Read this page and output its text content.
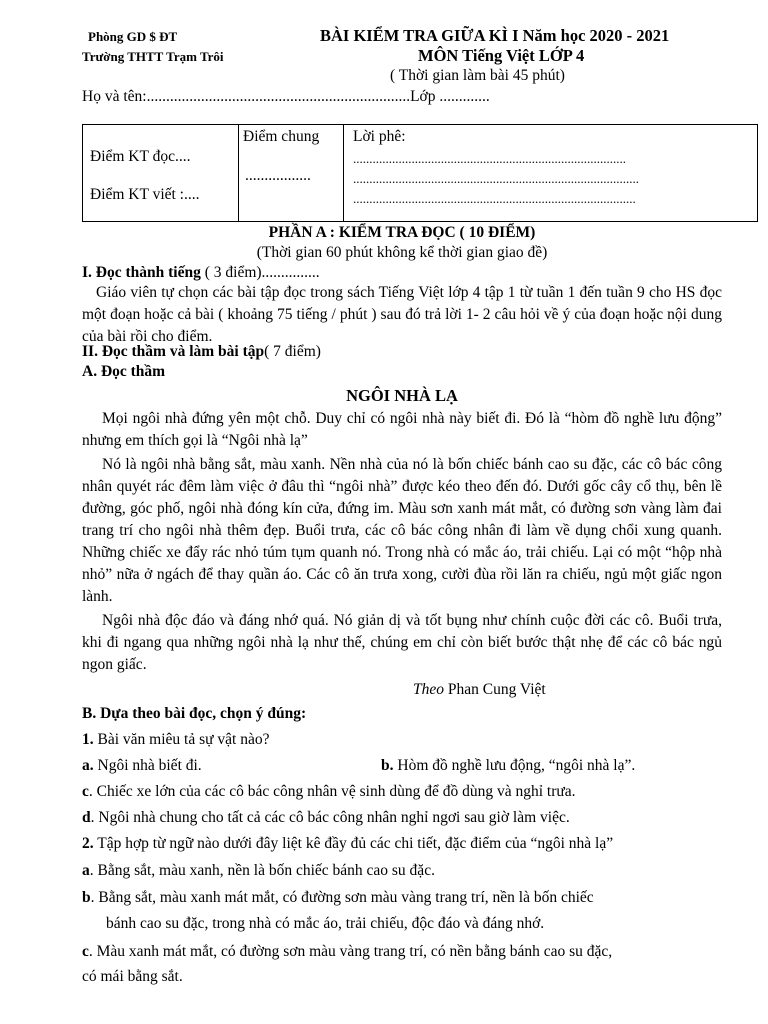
Phòng GD $ ĐT
Trường THTT Trạm Trôi
BÀI KIỂM TRA GIỮA KÌ I Năm học 2020 - 2021
MÔN Tiếng Việt LỚP 4
( Thời gian làm bài 45 phút)
Họ và tên:....................................................................Lớp .............
Điểm KT đọc....
Điểm KT viết :....
Điểm chung
.................
Lời phê:
....................................................................................
........................................................................................
.......................................................................................
PHẦN A : KIỂM TRA ĐỌC ( 10 ĐIỂM)
(Thời gian 60 phút không kể thời gian giao đề)
I. Đọc thành tiếng ( 3 điểm)...............
Giáo viên tự chọn các bài tập đọc trong sách Tiếng Việt lớp 4 tập 1 từ tuần 1 đến tuần 9 cho HS đọc một đoạn hoặc cả bài ( khoảng 75 tiếng / phút ) sau đó trả lời 1- 2 câu hỏi về ý của đoạn hoặc nội dung của bài rồi cho điểm.
II. Đọc thầm và làm bài tập( 7 điểm)
A. Đọc thầm
NGÔI NHÀ LẠ
Mọi ngôi nhà đứng yên một chỗ. Duy chỉ có ngôi nhà này biết đi. Đó là “hòm đồ nghề lưu động” nhưng em thích gọi là “Ngôi nhà lạ”
Nó là ngôi nhà bằng sắt, màu xanh. Nền nhà của nó là bốn chiếc bánh cao su đặc, các cô bác công nhân quyét rác đêm làm việc ở đâu thì “ngôi nhà” được kéo theo đến đó. Dưới gốc cây cổ thụ, bên lề đường, góc phố, ngôi nhà đóng kín cửa, đứng im. Màu sơn xanh mát mắt, có đường sơn vàng làm đai trang trí cho ngôi nhà thêm đẹp. Buổi trưa, các cô bác công nhân đi làm về dụng chổi xung quanh. Những chiếc xe đẩy rác nhỏ túm tụm quanh nó. Trong nhà có mắc áo, trải chiếu. Lại có một “hộp nhà nhỏ” nữa ở ngách để thay quần áo. Các cô ăn trưa xong, cười đùa rồi lăn ra chiếu, ngủ một giấc ngon lành.
Ngôi nhà độc đáo và đáng nhớ quá. Nó giản dị và tốt bụng như chính cuộc đời các cô. Buổi trưa, khi đi ngang qua những ngôi nhà lạ như thế, chúng em chỉ còn biết bước thật nhẹ để các cô bác ngủ ngon giấc.
Theo Phan Cung Việt
B. Dựa theo bài đọc, chọn ý đúng:
1. Bài văn miêu tả sự vật nào?
a. Ngôi nhà biết đi.	b. Hòm đồ nghề lưu động, “ngôi nhà lạ”.
c. Chiếc xe lớn của các cô bác công nhân vệ sinh dùng để đồ dùng và nghỉ trưa.
d. Ngôi nhà chung cho tất cả các cô bác công nhân nghỉ ngơi sau giờ làm việc.
2. Tập hợp từ ngữ nào dưới đây liệt kê đầy đủ các chi tiết, đặc điểm của “ngôi nhà lạ”
a. Bằng sắt, màu xanh, nền là bốn chiếc bánh cao su đặc.
b. Bằng sắt, màu xanh mát mắt, có đường sơn màu vàng trang trí, nền là bốn chiếc
bánh cao su đặc, trong nhà có mắc áo, trải chiếu, độc đáo và đáng nhớ.
c. Màu xanh mát mắt, có đường sơn màu vàng trang trí, có nền bằng bánh cao su đặc,
có mái bằng sắt.
